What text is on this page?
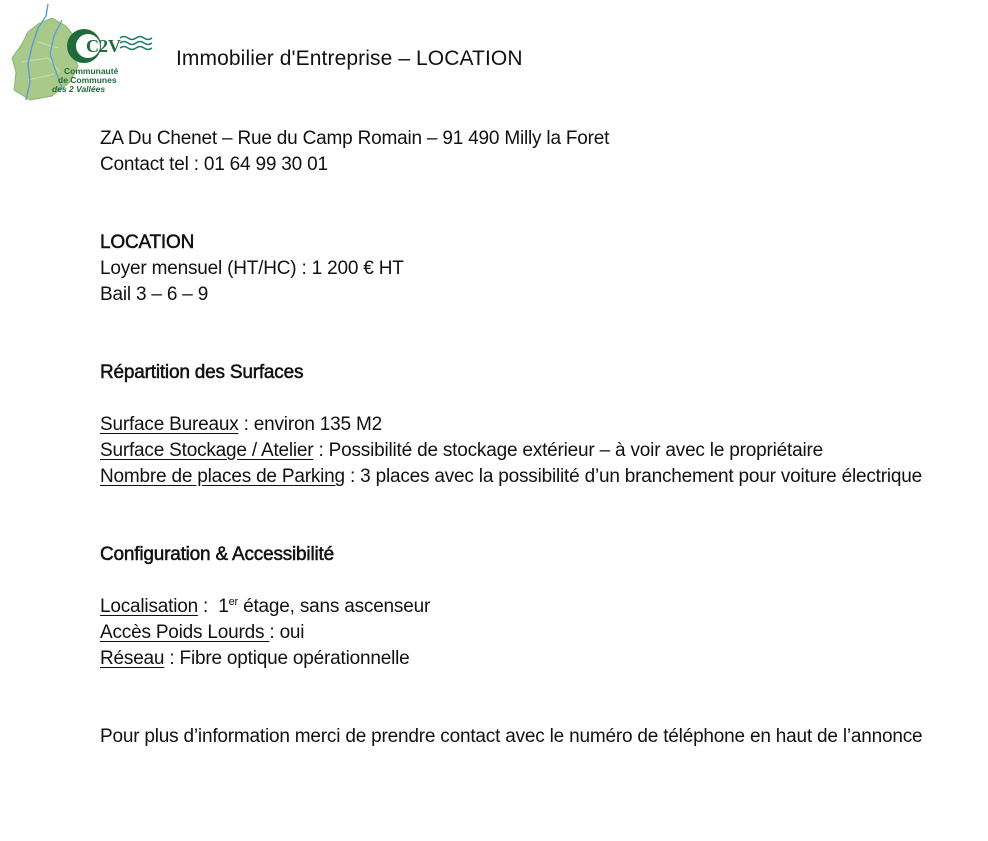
C2V
Communauté
de Communes
des 2 Vallées
Immobilier d'Entreprise – LOCATION
ZA Du Chenet – Rue du Camp Romain – 91 490 Milly la Foret
Contact tel : 01 64 99 30 01
LOCATION
Loyer mensuel (HT/HC) : 1 200 € HT
Bail 3 – 6 – 9
Répartition des Surfaces
Surface Bureaux : environ 135 M2
Surface Stockage / Atelier : Possibilité de stockage extérieur – à voir avec le propriétaire
Nombre de places de Parking : 3 places avec la possibilité d’un branchement pour voiture électrique
Configuration & Accessibilité
Localisation :  1er étage, sans ascenseur
Accès Poids Lourds : oui
Réseau : Fibre optique opérationnelle
Pour plus d’information merci de prendre contact avec le numéro de téléphone en haut de l’annonce
